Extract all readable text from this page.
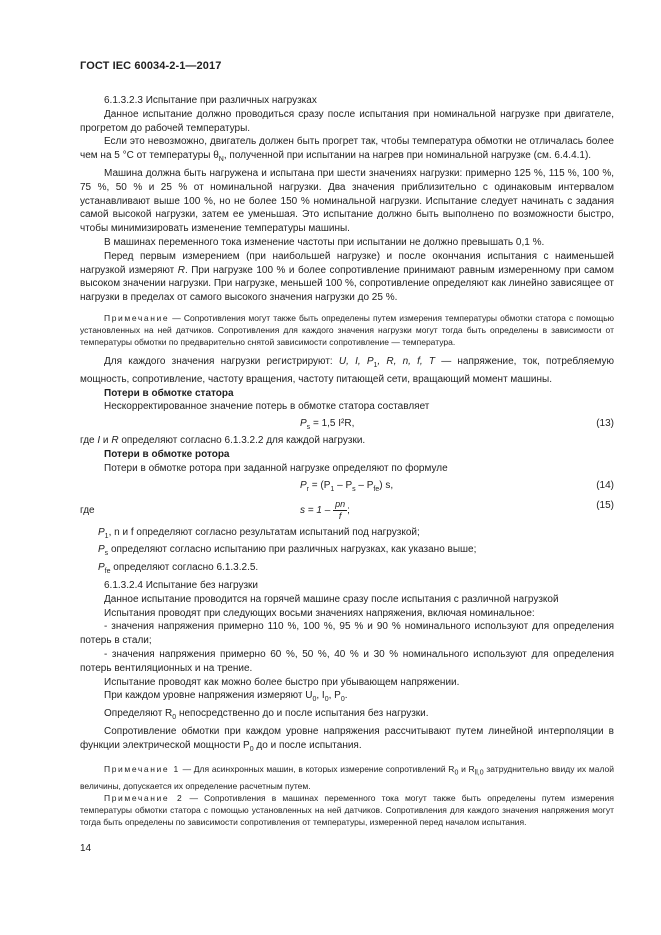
ГОСТ IEC 60034-2-1—2017

6.1.3.2.3 Испытание при различных нагрузках

Данное испытание должно проводиться сразу после испытания при номинальной нагрузке при двигателе, прогретом до рабочей температуры.

Если это невозможно, двигатель должен быть прогрет так, чтобы температура обмотки не отличалась более чем на 5 °С от температуры $\theta_N$, полученной при испытании на нагрев при номинальной нагрузке (см. 6.4.4.1).

Машина должна быть нагружена и испытана при шести значениях нагрузки: примерно 125 %, 115 %, 100 %, 75 %, 50 % и 25 % от номинальной нагрузки. Два значения приблизительно с одинаковым интервалом устанавливают выше 100 %, но не более 150 % номинальной нагрузки. Испытание следует начинать с задания самой высокой нагрузки, затем ее уменьшая. Это испытание должно быть выполнено по возможности быстро, чтобы минимизировать изменение температуры машины.

В машинах переменного тока изменение частоты при испытании не должно превышать 0,1 %.

Перед первым измерением (при наибольшей нагрузке) и после окончания испытания с наименьшей нагрузкой измеряют R. При нагрузке 100 % и более сопротивление принимают равным измеренному при самом высоком значении нагрузки. При нагрузке, меньшей 100 %, сопротивление определяют как линейно зависящее от нагрузки в пределах от самого высокого значения нагрузки до 25 %.

Примечание — Сопротивления могут также быть определены путем измерения температуры обмотки статора с помощью установленных на ней датчиков. Сопротивления для каждого значения нагрузки могут тогда быть определены в зависимости от температуры обмотки по предварительно снятой зависимости сопротивление — температура.

Для каждого значения нагрузки регистрируют: U, I, $P_1$, R, n, f, T — напряжение, ток, потребляемую мощность, сопротивление, частоту вращения, частоту питающей сети, вращающий момент машины.

Потери в обмотке статора

Нескорректированное значение потерь в обмотке статора составляет

$P_s = 1,5$ I²R,	(13)

где I и R определяют согласно 6.1.3.2.2 для каждой нагрузки.

Потери в обмотке ротора

Потери в обмотке ротора при заданной нагрузке определяют по формуле

$P_r = (P_1 - P_s - P_{fe})$ s,	(14)
где	$s = 1 - \frac{pn}{f}$ ;	(15)

$P_1$, n и f определяют согласно результатам испытаний под нагрузкой;

$P_s$ определяют согласно испытанию при различных нагрузках, как указано выше;

$P_{fe}$ определяют согласно 6.1.3.2.5.

6.1.3.2.4 Испытание без нагрузки

Данное испытание проводится на горячей машине сразу после испытания с различной нагрузкой

Испытания проводят при следующих восьми значениях напряжения, включая номинальное:

- значения напряжения примерно 110 %, 100 %, 95 % и 90 % номинального используют для определения потерь в стали;

- значения напряжения примерно 60 %, 50 %, 40 % и 30 % номинального используют для определения потерь вентиляционных и на трение.

Испытание проводят как можно более быстро при убывающем напряжении.

При каждом уровне напряжения измеряют $U_0$, $I_0$, $P_0$.

Определяют $R_0$ непосредственно до и после испытания без нагрузки.

Сопротивление обмотки при каждом уровне напряжения рассчитывают путем линейной интерполяции в функции электрической мощности $P_0$ до и после испытания.

Примечание 1 — Для асинхронных машин, в которых измерение сопротивлений $R_0$ и $R_{ll,0}$ затруднительно ввиду их малой величины, допускается их определение расчетным путем.

Примечание 2 — Сопротивления в машинах переменного тока могут также быть определены путем измерения температуры обмотки статора с помощью установленных на ней датчиков. Сопротивления для каждого значения напряжения могут тогда быть определены по зависимости сопротивления от температуры, измеренной перед началом испытания.

14
